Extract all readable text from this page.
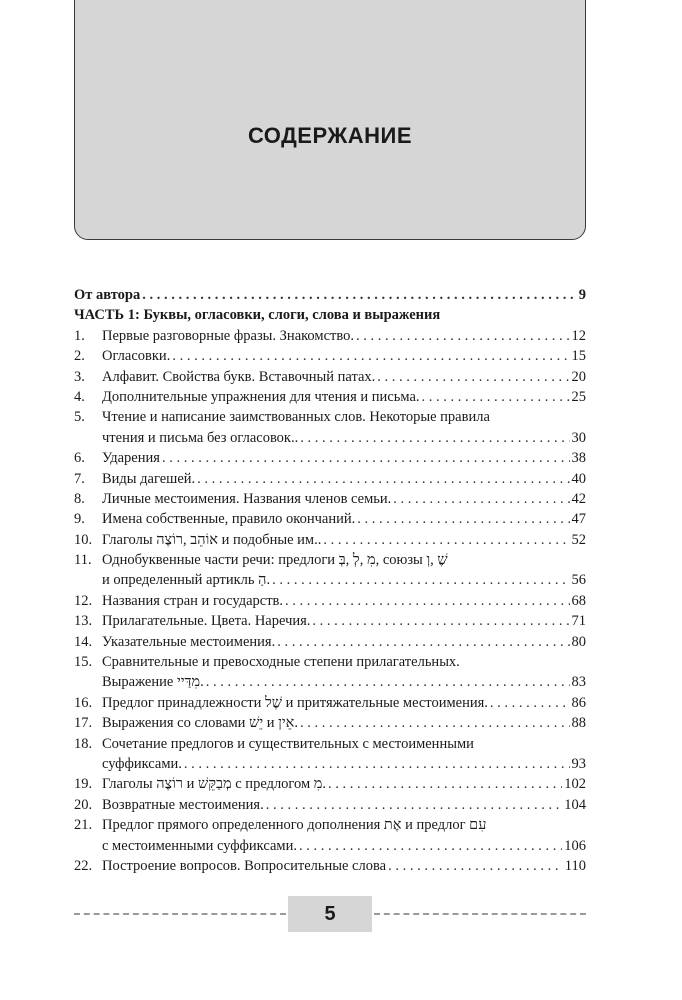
СОДЕРЖАНИЕ
От автора . . .	9
ЧАСТЬ 1: Буквы, огласовки, слоги, слова и выражения
1.	Первые разговорные фразы. Знакомство. . . .	12
2.	Огласовки. . . .	15
3.	Алфавит. Свойства букв. Вставочный патах. . . .	20
4.	Дополнительные упражнения для чтения и письма. . . .	25
5.	Чтение и написание заимствованных слов. Некоторые правила
чтения и письма без огласовок.. . . .	30
6.	Ударения . . .	38
7.	Виды дагешей. . . .	40
8.	Личные местоимения. Названия членов семьи. . . .	42
9.	Имена собственные, правило окончаний. . . .	47
10. Глаголы אוֹהֵב ,רוֹצֶה и подобные им.. . . .	52
11. Однобуквенные части речи: предлоги מִ ,לְ ,בְּ, союзы שֶׁ ,וְ
и определенный артикль הַ. . . .	56
12. Названия стран и государств. . . .	68
13. Прилагательные. Цвета. Наречия. . . .	71
14. Указательные местоимения. . . .	80
15. Сравнительные и превосходные степени прилагательных.
Выражение מִדַּיי. . . .	83
16. Предлог принадлежности שֶׁל и притяжательные местоимения. . . .	86
17. Выражения со словами יֵשׁ и אֵין. . . .	88
18. Сочетание предлогов и существительных с местоименными
суффиксами. . . .	93
19. Глаголы רוֹצֶה и מְבַקֵּשׁ с предлогом מִ. . . .	102
20. Возвратные местоимения. . . .	104
21. Предлог прямого определенного дополнения אֶת и предлог עִם
с местоименными суффиксами. . . .	106
22. Построение вопросов. Вопросительные слова . . .	110
5
